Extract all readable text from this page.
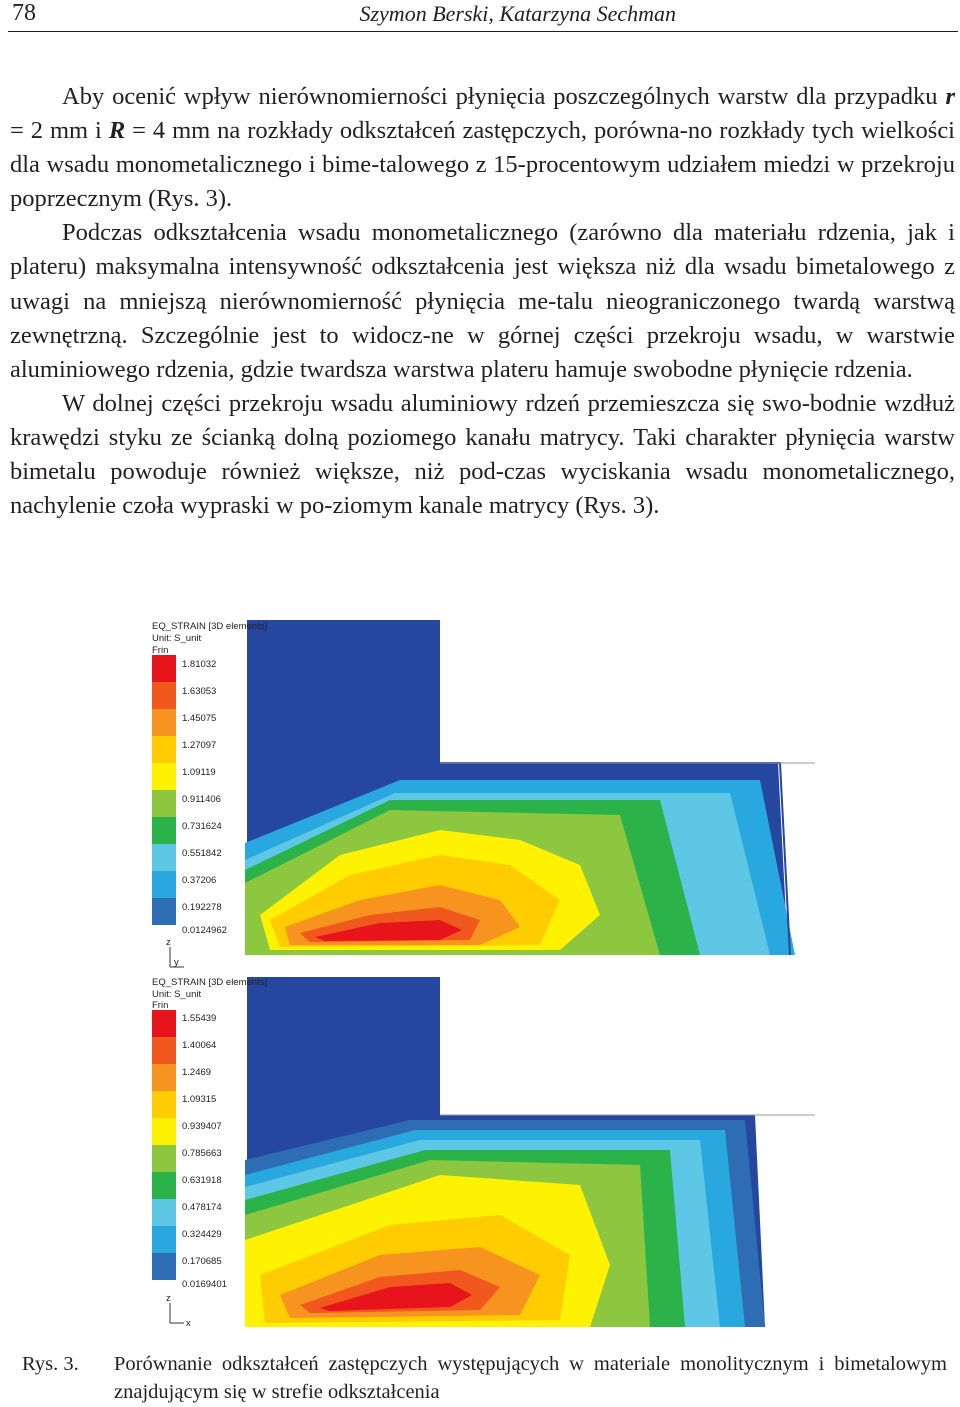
78	Szymon Berski, Katarzyna Sechman

Aby ocenić wpływ nierównomierności płynięcia poszczególnych warstw dla przypadku r = 2 mm i R = 4 mm na rozkłady odkształceń zastępczych, porówna-no rozkłady tych wielkości dla wsadu monometalicznego i bime-talowego z 15-procentowym udziałem miedzi w przekroju poprzecznym (Rys. 3).

Podczas odkształcenia wsadu monometalicznego (zarówno dla materiału rdzenia, jak i plateru) maksymalna intensywność odkształcenia jest większa niż dla wsadu bimetalowego z uwagi na mniejszą nierównomierność płynięcia me-talu nieograniczonego twardą warstwą zewnętrzną. Szczególnie jest to widocz-ne w górnej części przekroju wsadu, w warstwie aluminiowego rdzenia, gdzie twardsza warstwa plateru hamuje swobodne płynięcie rdzenia.

W dolnej części przekroju wsadu aluminiowy rdzeń przemieszcza się swo-bodnie wzdłuż krawędzi styku ze ścianką dolną poziomego kanału matrycy. Taki charakter płynięcia warstw bimetalu powoduje również większe, niż pod-czas wyciskania wsadu monometalicznego, nachylenie czoła wypraski w po-ziomym kanale matrycy (Rys. 3).

EQ_STRAIN [3D elements]
Unit: S_unit
Frin
1.81032
1.63053
1.45075
1.27097
1.09119
0.911406
0.731624
0.551842
0.37206
0.192278
0.0124962
z
y
EQ_STRAIN [3D elements]
Unit: S_unit
Frin
1.55439
1.40064
1.2469
1.09315
0.939407
0.785663
0.631918
0.478174
0.324429
0.170685
0.0169401
z
x
Rys. 3. Porównanie odkształceń zastępczych występujących w materiale monolitycznym i bimetalowym znajdującym się w strefie odkształcenia
